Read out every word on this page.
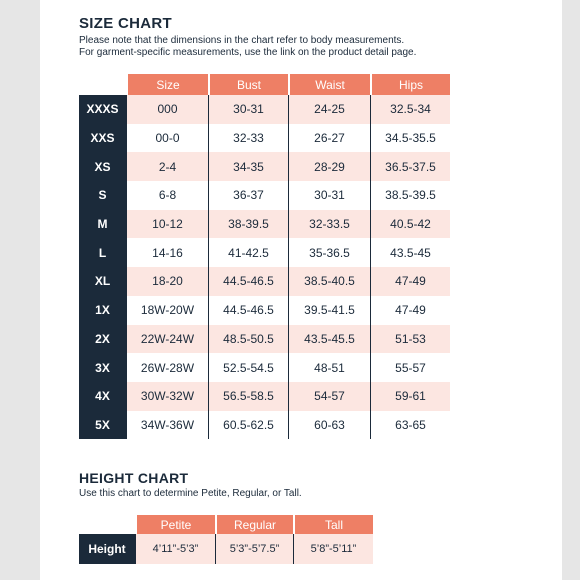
SIZE CHART
Please note that the dimensions in the chart refer to body measurements.
For garment-specific measurements, use the link on the product detail page.
	Size	Bust	Waist	Hips
XXXS	000	30-31	24-25	32.5-34
XXS	00-0	32-33	26-27	34.5-35.5
XS	2-4	34-35	28-29	36.5-37.5
S	6-8	36-37	30-31	38.5-39.5
M	10-12	38-39.5	32-33.5	40.5-42
L	14-16	41-42.5	35-36.5	43.5-45
XL	18-20	44.5-46.5	38.5-40.5	47-49
1X	18W-20W	44.5-46.5	39.5-41.5	47-49
2X	22W-24W	48.5-50.5	43.5-45.5	51-53
3X	26W-28W	52.5-54.5	48-51	55-57
4X	30W-32W	56.5-58.5	54-57	59-61
5X	34W-36W	60.5-62.5	60-63	63-65
HEIGHT CHART
Use this chart to determine Petite, Regular, or Tall.
	Petite	Regular	Tall
Height	4’11”-5’3”	5’3”-5’7.5”	5’8”-5’11”
